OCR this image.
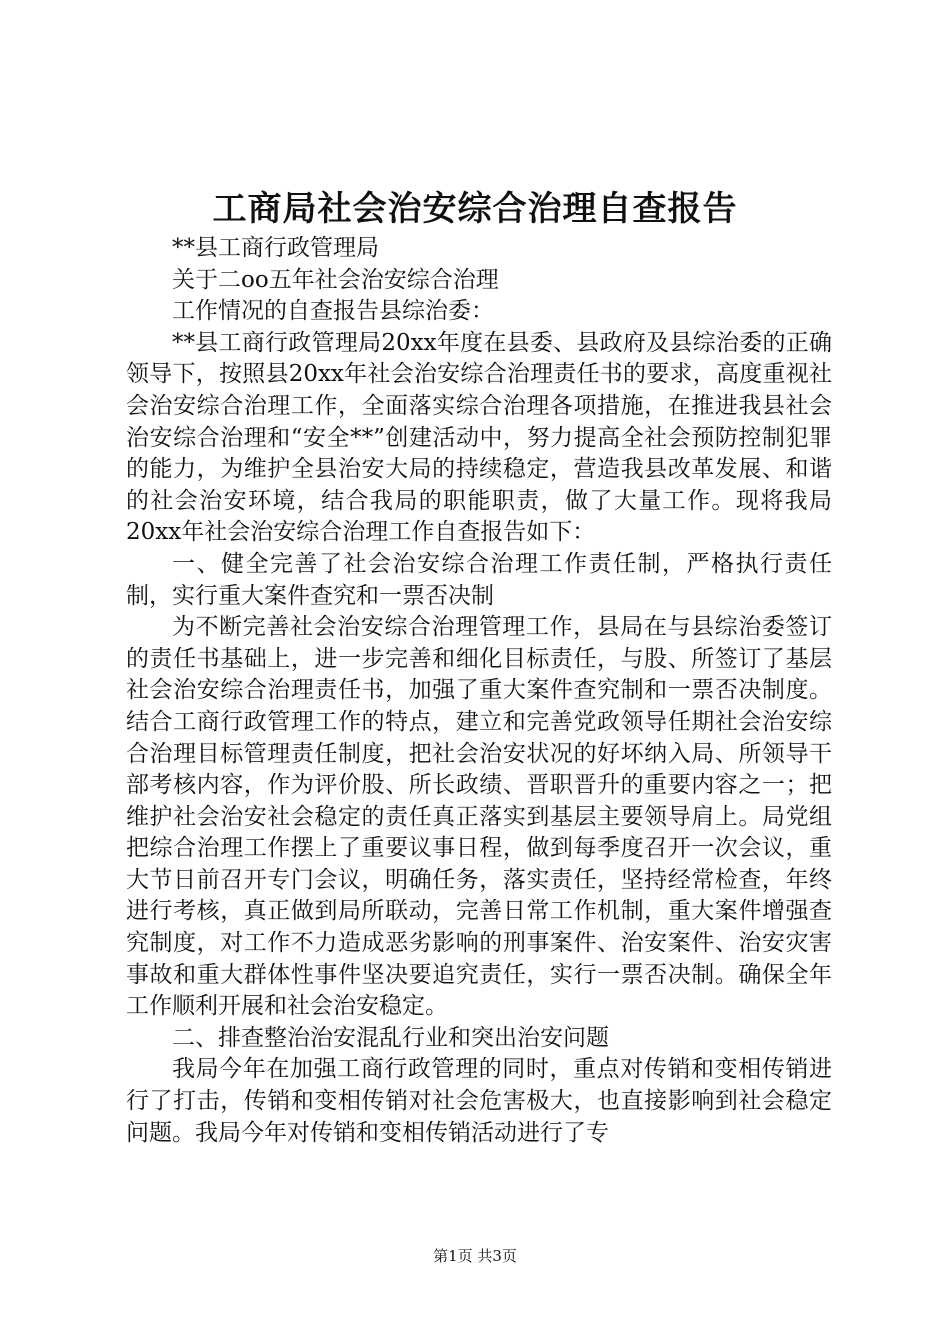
工商局社会治安综合治理自查报告

**县工商行政管理局

关于二oo五年社会治安综合治理

工作情况的自查报告县综治委：

**县工商行政管理局20xx年度在县委、县政府及县综治委的正确领导下，按照县20xx年社会治安综合治理责任书的要求，高度重视社会治安综合治理工作，全面落实综合治理各项措施，在推进我县社会治安综合治理和“安全**”创建活动中，努力提高全社会预防控制犯罪的能力，为维护全县治安大局的持续稳定，营造我县改革发展、和谐的社会治安环境，结合我局的职能职责，做了大量工作。现将我局20xx年社会治安综合治理工作自查报告如下：

一、健全完善了社会治安综合治理工作责任制，严格执行责任制，实行重大案件查究和一票否决制

为不断完善社会治安综合治理管理工作，县局在与县综治委签订的责任书基础上，进一步完善和细化目标责任，与股、所签订了基层社会治安综合治理责任书，加强了重大案件查究制和一票否决制度。结合工商行政管理工作的特点，建立和完善党政领导任期社会治安综合治理目标管理责任制度，把社会治安状况的好坏纳入局、所领导干部考核内容，作为评价股、所长政绩、晋职晋升的重要内容之一；把维护社会治安社会稳定的责任真正落实到基层主要领导肩上。局党组把综合治理工作摆上了重要议事日程，做到每季度召开一次会议，重大节日前召开专门会议，明确任务，落实责任，坚持经常检查，年终进行考核，真正做到局所联动，完善日常工作机制，重大案件增强查究制度，对工作不力造成恶劣影响的刑事案件、治安案件、治安灾害事故和重大群体性事件坚决要追究责任，实行一票否决制。确保全年工作顺利开展和社会治安稳定。

二、排查整治治安混乱行业和突出治安问题

我局今年在加强工商行政管理的同时，重点对传销和变相传销进行了打击，传销和变相传销对社会危害极大，也直接影响到社会稳定问题。我局今年对传销和变相传销活动进行了专

第1页 共3页
